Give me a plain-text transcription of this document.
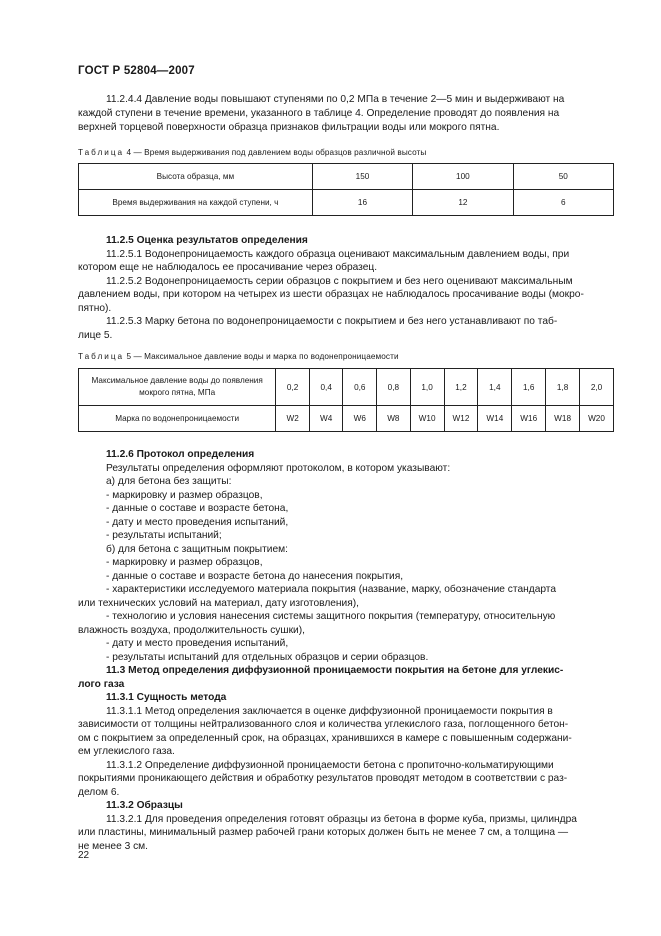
ГОСТ Р 52804—2007
11.2.4.4 Давление воды повышают ступенями по 0,2 МПа в течение 2—5 мин и выдерживают на
каждой ступени в течение времени, указанного в таблице 4. Определение проводят до появления на
верхней торцевой поверхности образца признаков фильтрации воды или мокрого пятна.
Таблица 4 — Время выдерживания под давлением воды образцов различной высоты
Высота образца, мм	150	100	50
Время выдерживания на каждой ступени, ч	16	12	6
11.2.5 Оценка результатов определения
11.2.5.1 Водонепроницаемость каждого образца оценивают максимальным давлением воды, при
котором еще не наблюдалось ее просачивание через образец.
11.2.5.2 Водонепроницаемость серии образцов с покрытием и без него оценивают максимальным
давлением воды, при котором на четырех из шести образцах не наблюдалось просачивание воды (мокро-
пятно).
11.2.5.3 Марку бетона по водонепроницаемости с покрытием и без него устанавливают по таб-
лице 5.
Таблица 5 — Максимальное давление воды и марка по водонепроницаемости
Максимальное давление воды до появления мокрого пятна, МПа	0,2	0,4	0,6	0,8	1,0	1,2	1,4	1,6	1,8	2,0
Марка по водонепроницаемости	W2	W4	W6	W8	W10	W12	W14	W16	W18	W20
11.2.6 Протокол определения
Результаты определения оформляют протоколом, в котором указывают:
а) для бетона без защиты:
- маркировку и размер образцов,
- данные о составе и возрасте бетона,
- дату и место проведения испытаний,
- результаты испытаний;
б) для бетона с защитным покрытием:
- маркировку и размер образцов,
- данные о составе и возрасте бетона до нанесения покрытия,
- характеристики исследуемого материала покрытия (название, марку, обозначение стандарта
или технических условий на материал, дату изготовления),
- технологию и условия нанесения системы защитного покрытия (температуру, относительную
влажность воздуха, продолжительность сушки),
- дату и место проведения испытаний,
- результаты испытаний для отдельных образцов и серии образцов.
11.3 Метод определения диффузионной проницаемости покрытия на бетоне для углекис-
лого газа
11.3.1 Сущность метода
11.3.1.1 Метод определения заключается в оценке диффузионной проницаемости покрытия в
зависимости от толщины нейтрализованного слоя и количества углекислого газа, поглощенного бетон-
ом с покрытием за определенный срок, на образцах, хранившихся в камере с повышенным содержани-
ем углекислого газа.
11.3.1.2 Определение диффузионной проницаемости бетона с пропиточно-кольматирующими
покрытиями проникающего действия и обработку результатов проводят методом в соответствии с раз-
делом 6.
11.3.2 Образцы
11.3.2.1 Для проведения определения готовят образцы из бетона в форме куба, призмы, цилиндра
или пластины, минимальный размер рабочей грани которых должен быть не менее 7 см, а толщина —
не менее 3 см.
22
